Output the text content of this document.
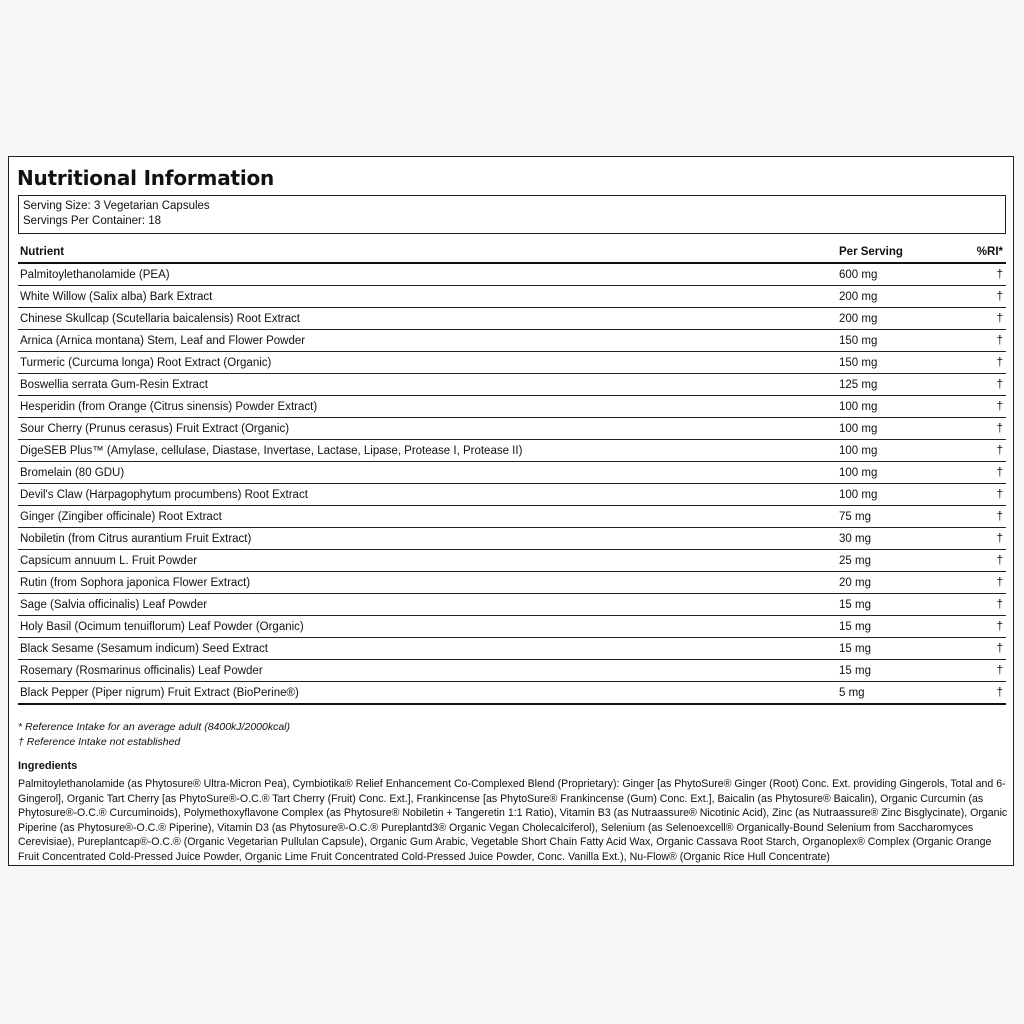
Nutritional Information
Serving Size: 3 Vegetarian Capsules
Servings Per Container: 18
Nutrient	Per Serving	%RI*
Palmitoylethanolamide (PEA)	600 mg	†
White Willow (Salix alba) Bark Extract	200 mg	†
Chinese Skullcap (Scutellaria baicalensis) Root Extract	200 mg	†
Arnica (Arnica montana) Stem, Leaf and Flower Powder	150 mg	†
Turmeric (Curcuma longa) Root Extract (Organic)	150 mg	†
Boswellia serrata Gum-Resin Extract	125 mg	†
Hesperidin (from Orange (Citrus sinensis) Powder Extract)	100 mg	†
Sour Cherry (Prunus cerasus) Fruit Extract (Organic)	100 mg	†
DigeSEB Plus™ (Amylase, cellulase, Diastase, Invertase, Lactase, Lipase, Protease I, Protease II)	100 mg	†
Bromelain (80 GDU)	100 mg	†
Devil's Claw (Harpagophytum procumbens) Root Extract	100 mg	†
Ginger (Zingiber officinale) Root Extract	75 mg	†
Nobiletin (from Citrus aurantium Fruit Extract)	30 mg	†
Capsicum annuum L. Fruit Powder	25 mg	†
Rutin (from Sophora japonica Flower Extract)	20 mg	†
Sage (Salvia officinalis) Leaf Powder	15 mg	†
Holy Basil (Ocimum tenuiflorum) Leaf Powder (Organic)	15 mg	†
Black Sesame (Sesamum indicum) Seed Extract	15 mg	†
Rosemary (Rosmarinus officinalis) Leaf Powder	15 mg	†
Black Pepper (Piper nigrum) Fruit Extract (BioPerine®)	5 mg	†
* Reference Intake for an average adult (8400kJ/2000kcal)
† Reference Intake not established
Ingredients
Palmitoylethanolamide (as Phytosure® Ultra-Micron Pea), Cymbiotika® Relief Enhancement Co-Complexed Blend (Proprietary): Ginger [as PhytoSure® Ginger (Root) Conc. Ext. providing Gingerols, Total and 6-Gingerol], Organic Tart Cherry [as PhytoSure®-O.C.® Tart Cherry (Fruit) Conc. Ext.], Frankincense [as PhytoSure® Frankincense (Gum) Conc. Ext.], Baicalin (as Phytosure® Baicalin), Organic Curcumin (as Phytosure®-O.C.® Curcuminoids), Polymethoxyflavone Complex (as Phytosure® Nobiletin + Tangeretin 1:1 Ratio), Vitamin B3 (as Nutraassure® Nicotinic Acid), Zinc (as Nutraassure® Zinc Bisglycinate), Organic Piperine (as Phytosure®-O.C.® Piperine), Vitamin D3 (as Phytosure®-O.C.® Pureplantd3® Organic Vegan Cholecalciferol), Selenium (as Selenoexcell® Organically-Bound Selenium from Saccharomyces Cerevisiae), Pureplantcap®-O.C.® (Organic Vegetarian Pullulan Capsule), Organic Gum Arabic, Vegetable Short Chain Fatty Acid Wax, Organic Cassava Root Starch, Organoplex® Complex (Organic Orange Fruit Concentrated Cold-Pressed Juice Powder, Organic Lime Fruit Concentrated Cold-Pressed Juice Powder, Conc. Vanilla Ext.), Nu-Flow® (Organic Rice Hull Concentrate)
